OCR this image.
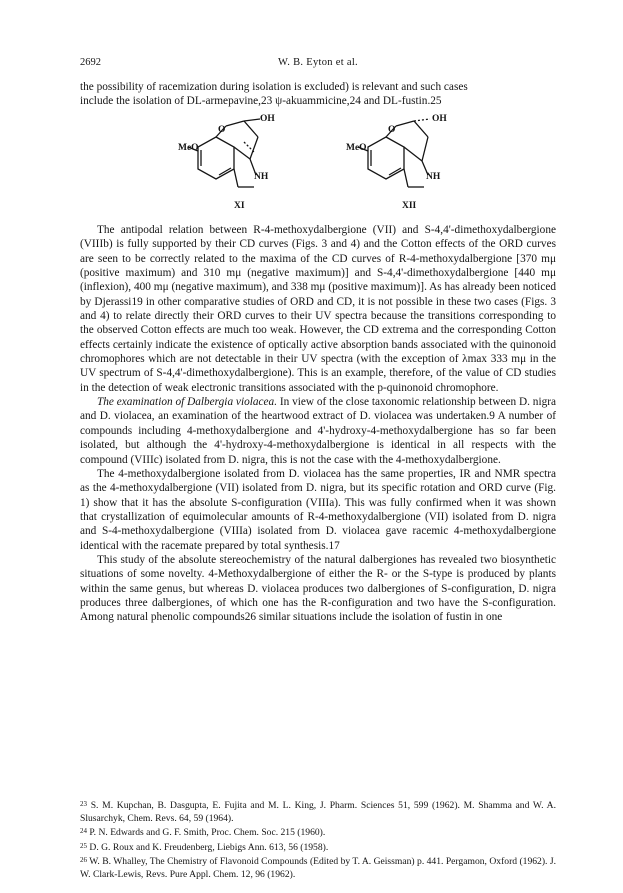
2692	W. B. Eyton et al.

the possibility of racemization during isolation is excluded) is relevant and such cases

include the isolation of DL-armepavine,23 ψ-akuammicine,24 and DL-fustin.25

MeO
O
OH
NH
MeO
O
OH
NH
XI	XII

The antipodal relation between R-4-methoxydalbergione (VII) and S-4,4'-dimethoxydalbergione (VIIIb) is fully supported by their CD curves (Figs. 3 and 4) and the Cotton effects of the ORD curves are seen to be correctly related to the maxima of the CD curves of R-4-methoxydalbergione [370 mμ (positive maximum) and 310 mμ (negative maximum)] and S-4,4'-dimethoxydalbergione [440 mμ (inflexion), 400 mμ (negative maximum), and 338 mμ (positive maximum)]. As has already been noticed by Djerassi19 in other comparative studies of ORD and CD, it is not possible in these two cases (Figs. 3 and 4) to relate directly their ORD curves to their UV spectra because the transitions corresponding to the observed Cotton effects are much too weak. However, the CD extrema and the corresponding Cotton effects certainly indicate the existence of optically active absorption bands associated with the quinonoid chromophores which are not detectable in their UV spectra (with the exception of λmax 333 mμ in the UV spectrum of S-4,4'-dimethoxydalbergione). This is an example, therefore, of the value of CD studies in the detection of weak electronic transitions associated with the p-quinonoid chromophore.

The examination of Dalbergia violacea. In view of the close taxonomic relationship between D. nigra and D. violacea, an examination of the heartwood extract of D. violacea was undertaken.9 A number of compounds including 4-methoxydalbergione and 4'-hydroxy-4-methoxydalbergione has so far been isolated, but although the 4'-hydroxy-4-methoxydalbergione is identical in all respects with the compound (VIIIc) isolated from D. nigra, this is not the case with the 4-methoxydalbergione.

The 4-methoxydalbergione isolated from D. violacea has the same properties, IR and NMR spectra as the 4-methoxydalbergione (VII) isolated from D. nigra, but its specific rotation and ORD curve (Fig. 1) show that it has the absolute S-configuration (VIIIa). This was fully confirmed when it was shown that crystallization of equimolecular amounts of R-4-methoxydalbergione (VII) isolated from D. nigra and S-4-methoxydalbergione (VIIIa) isolated from D. violacea gave racemic 4-methoxydalbergione identical with the racemate prepared by total synthesis.17

This study of the absolute stereochemistry of the natural dalbergiones has revealed two biosynthetic situations of some novelty. 4-Methoxydalbergione of either the R- or the S-type is produced by plants within the same genus, but whereas D. violacea produces two dalbergiones of S-configuration, D. nigra produces three dalbergiones, of which one has the R-configuration and two have the S-configuration. Among natural phenolic compounds26 similar situations include the isolation of fustin in one

$^{23}$ S. M. Kupchan, B. Dasgupta, E. Fujita and M. L. King, J. Pharm. Sciences 51, 599 (1962). M. Shamma and W. A. Slusarchyk, Chem. Revs. 64, 59 (1964).

$^{24}$ P. N. Edwards and G. F. Smith, Proc. Chem. Soc. 215 (1960).

$^{25}$ D. G. Roux and K. Freudenberg, Liebigs Ann. 613, 56 (1958).

$^{26}$ W. B. Whalley, The Chemistry of Flavonoid Compounds (Edited by T. A. Geissman) p. 441. Pergamon, Oxford (1962). J. W. Clark-Lewis, Revs. Pure Appl. Chem. 12, 96 (1962).
